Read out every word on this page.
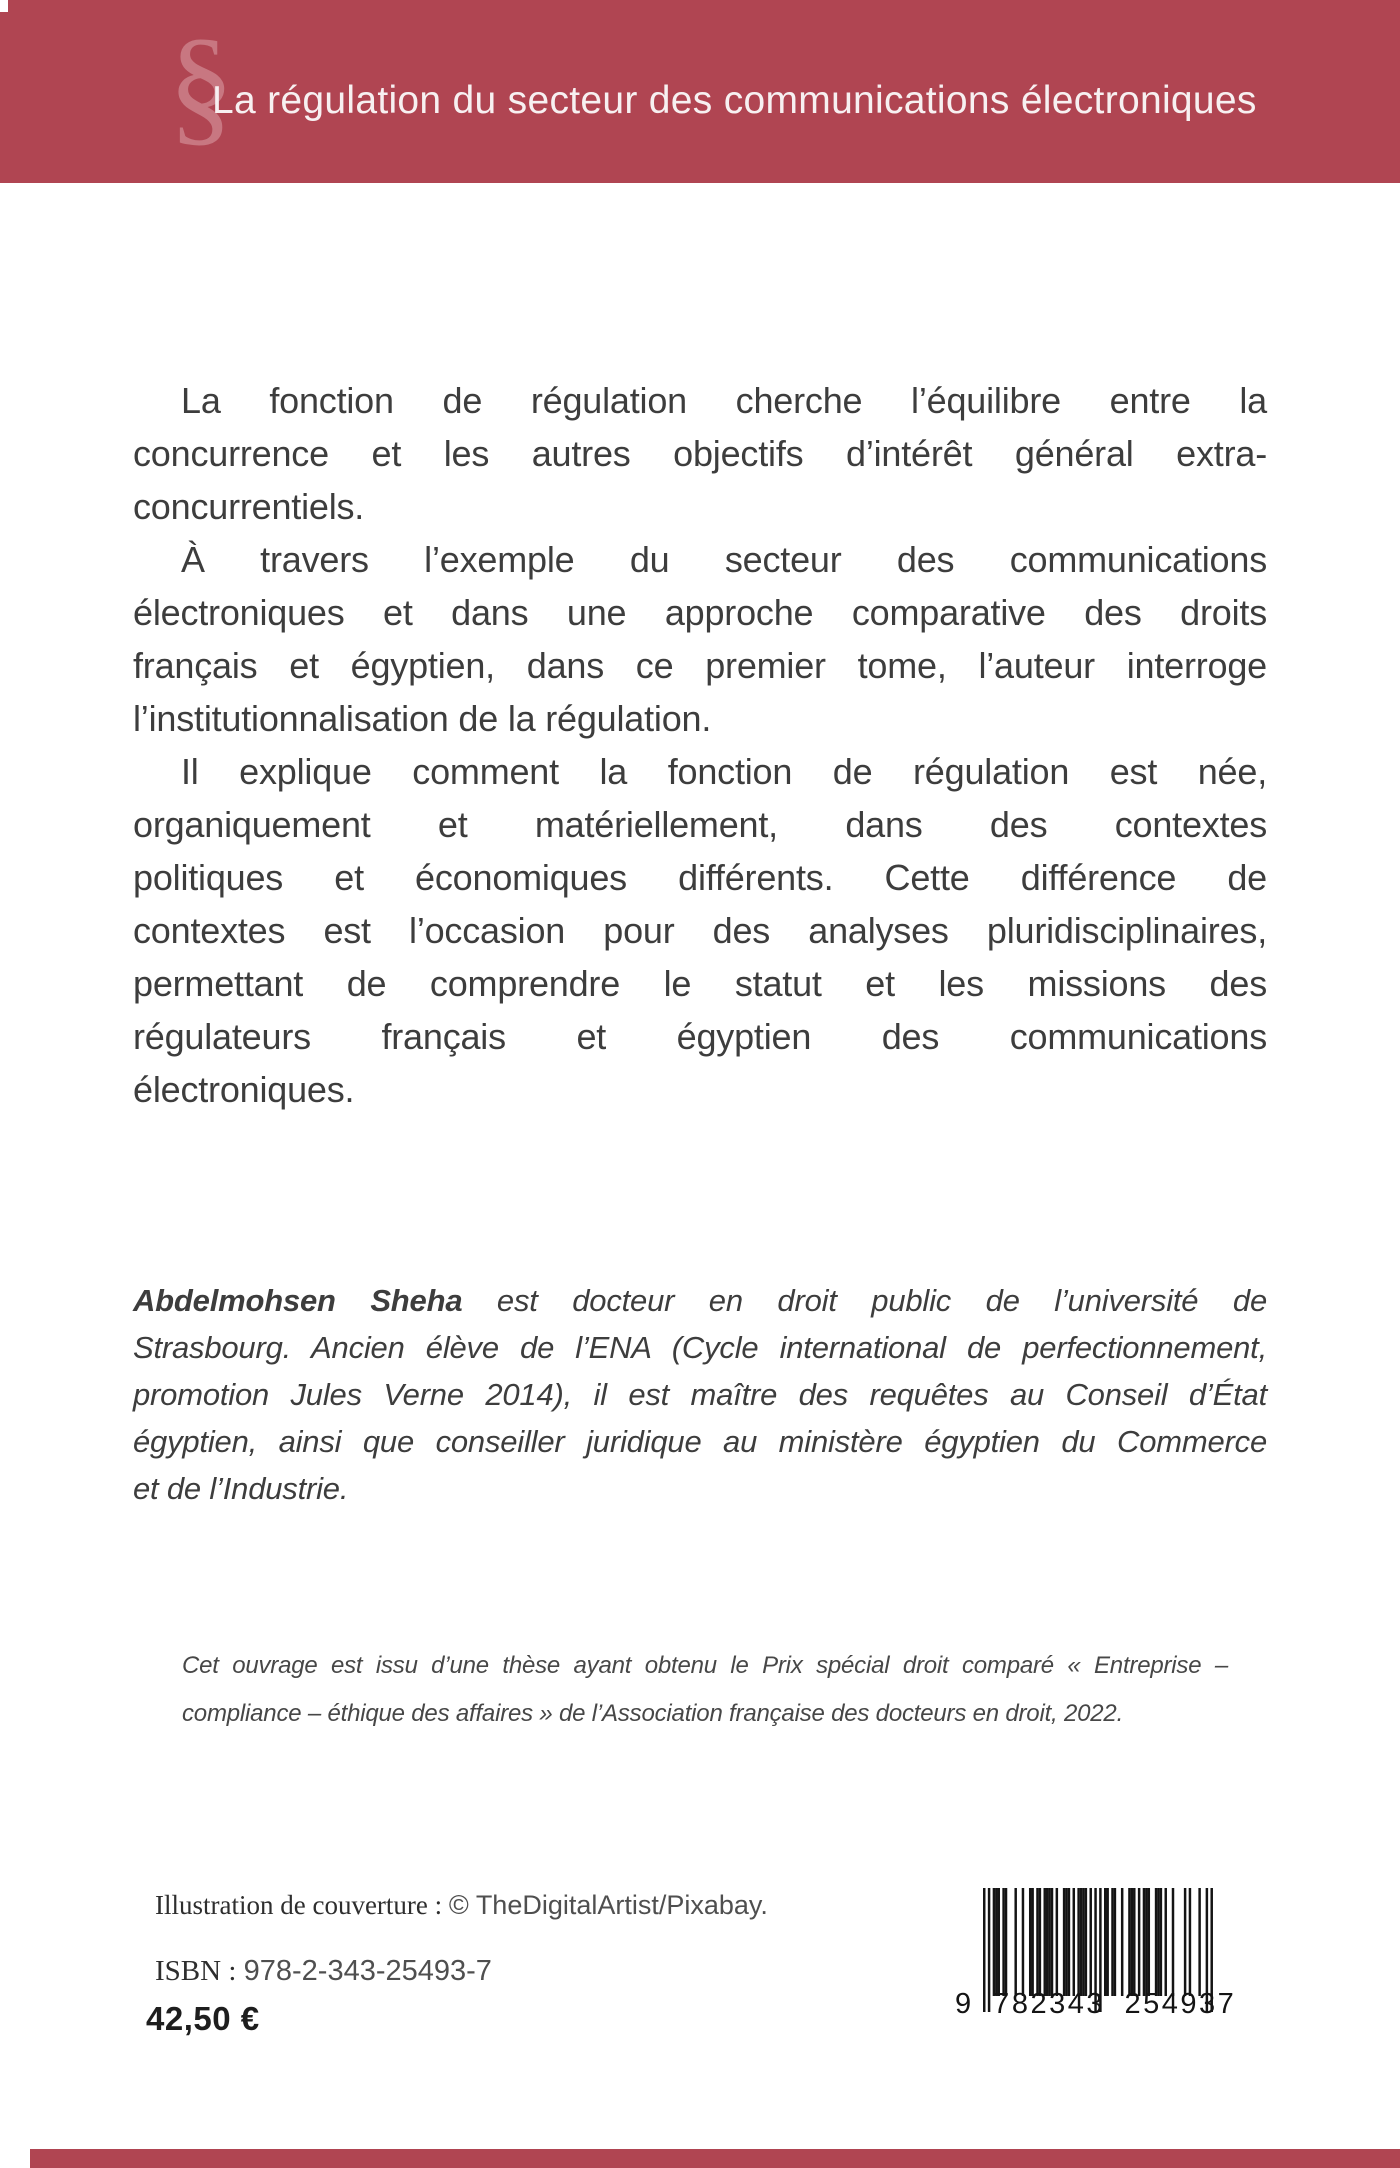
§
La régulation du secteur des communications électroniques
La fonction de régulation cherche l’équilibre entre la
concurrence et les autres objectifs d’intérêt général extra-
concurrentiels.
À travers l’exemple du secteur des communications
électroniques et dans une approche comparative des droits
français et égyptien, dans ce premier tome, l’auteur interroge
l’institutionnalisation de la régulation.
Il explique comment la fonction de régulation est née,
organiquement et matériellement, dans des contextes
politiques et économiques différents. Cette différence de
contextes est l’occasion pour des analyses pluridisciplinaires,
permettant de comprendre le statut et les missions des
régulateurs français et égyptien des communications
électroniques.
Abdelmohsen Sheha est docteur en droit public de l’université de
Strasbourg. Ancien élève de l’ENA (Cycle international de perfectionnement,
promotion Jules Verne 2014), il est maître des requêtes au Conseil d’État
égyptien, ainsi que conseiller juridique au ministère égyptien du Commerce
et de l’Industrie.
Cet ouvrage est issu d’une thèse ayant obtenu le Prix spécial droit comparé « Entreprise –
compliance – éthique des affaires » de l’Association française des docteurs en droit, 2022.
Illustration de couverture : © TheDigitalArtist/Pixabay.
ISBN : 978-2-343-25493-7
42,50 €	9 782343 254937
